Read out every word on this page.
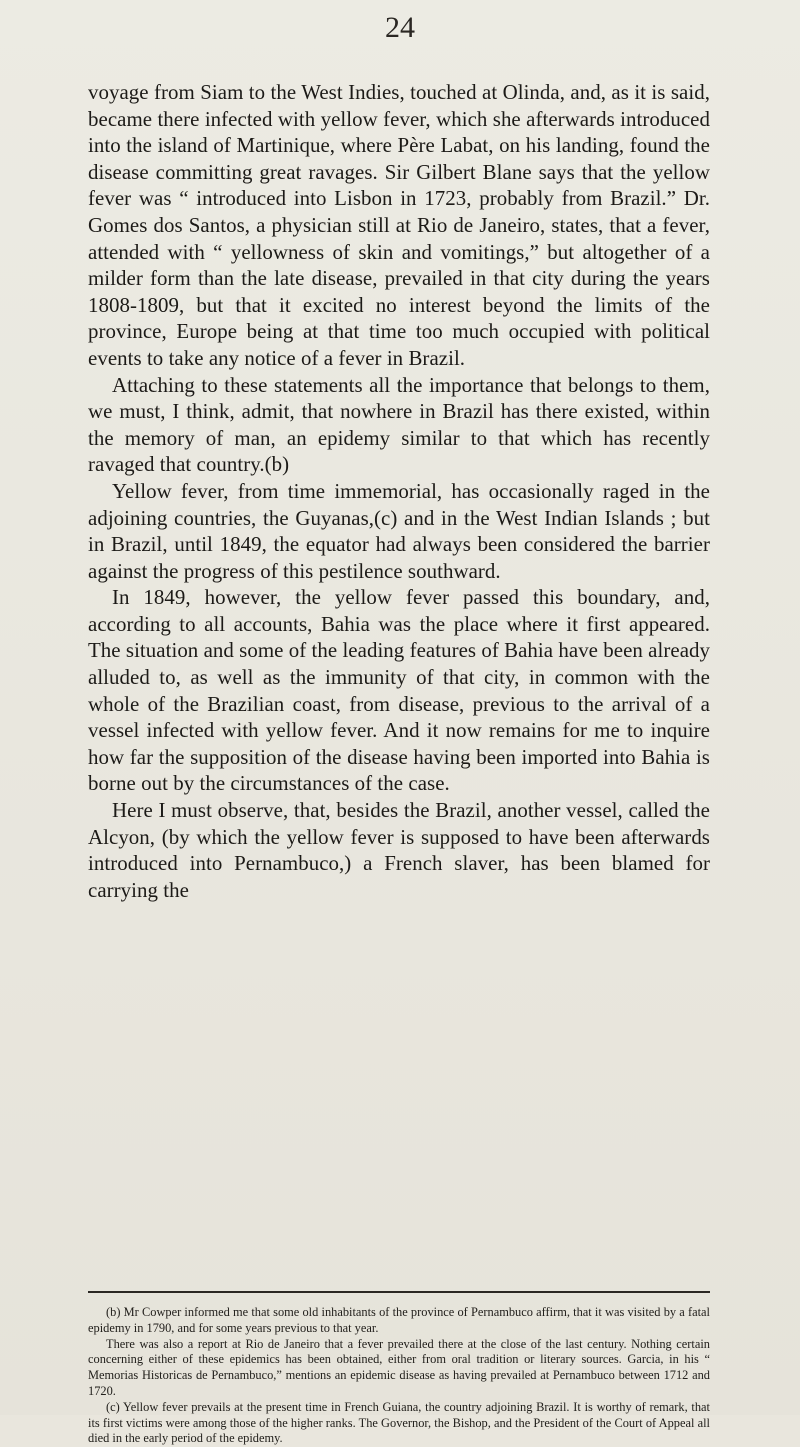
24

voyage from Siam to the West Indies, touched at Olinda, and, as it is said, became there infected with yellow fever, which she afterwards introduced into the island of Martinique, where Père Labat, on his landing, found the disease committing great ravages. Sir Gilbert Blane says that the yellow fever was “ introduced into Lisbon in 1723, probably from Brazil.” Dr. Gomes dos Santos, a physician still at Rio de Janeiro, states, that a fever, attended with “ yellowness of skin and vomitings,” but altogether of a milder form than the late disease, prevailed in that city during the years 1808-1809, but that it excited no interest beyond the limits of the province, Europe being at that time too much occupied with political events to take any notice of a fever in Brazil.

Attaching to these statements all the importance that belongs to them, we must, I think, admit, that nowhere in Brazil has there existed, within the memory of man, an epidemy similar to that which has recently ravaged that country.(b)

Yellow fever, from time immemorial, has occasionally raged in the adjoining countries, the Guyanas,(c) and in the West Indian Islands ; but in Brazil, until 1849, the equator had always been considered the barrier against the progress of this pestilence southward.

In 1849, however, the yellow fever passed this boundary, and, according to all accounts, Bahia was the place where it first appeared. The situation and some of the leading features of Bahia have been already alluded to, as well as the immunity of that city, in common with the whole of the Brazilian coast, from disease, previous to the arrival of a vessel infected with yellow fever. And it now remains for me to inquire how far the supposition of the disease having been imported into Bahia is borne out by the circumstances of the case.

Here I must observe, that, besides the Brazil, another vessel, called the Alcyon, (by which the yellow fever is supposed to have been afterwards introduced into Pernambuco,) a French slaver, has been blamed for carrying the

(b) Mr Cowper informed me that some old inhabitants of the province of Pernambuco affirm, that it was visited by a fatal epidemy in 1790, and for some years previous to that year.

There was also a report at Rio de Janeiro that a fever prevailed there at the close of the last century. Nothing certain concerning either of these epidemics has been obtained, either from oral tradition or literary sources. Garcia, in his “ Memorias Historicas de Pernambuco,” mentions an epidemic disease as having prevailed at Pernambuco between 1712 and 1720.

(c) Yellow fever prevails at the present time in French Guiana, the country adjoining Brazil. It is worthy of remark, that its first victims were among those of the higher ranks. The Governor, the Bishop, and the President of the Court of Appeal all died in the early period of the epidemy.
